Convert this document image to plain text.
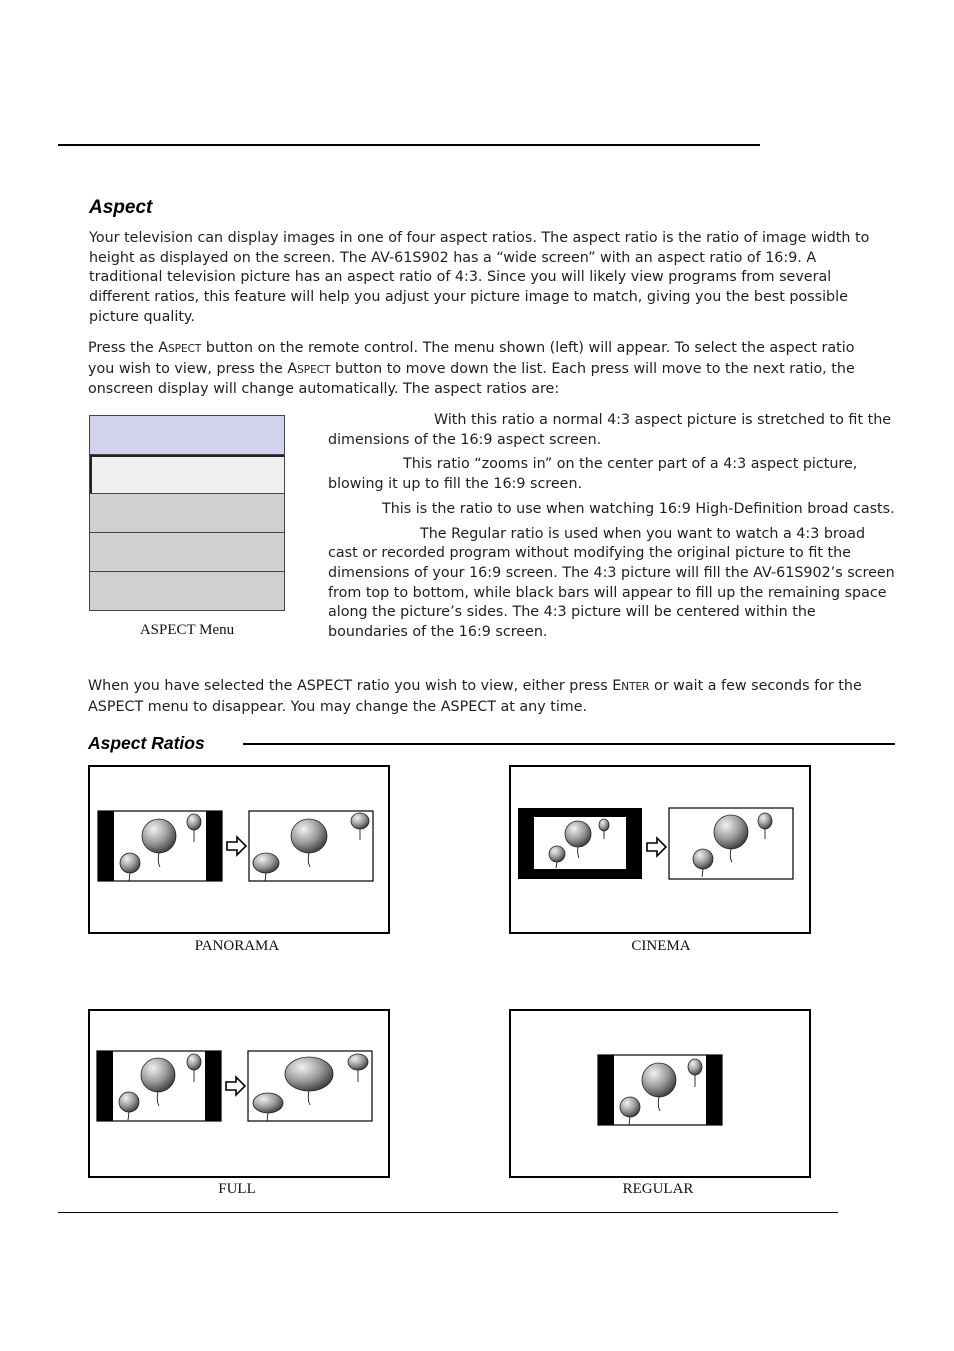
Aspect

Your television can display images in one of four aspect ratios. The aspect ratio is the ratio of image width to height as displayed on the screen. The AV-61S902 has a “wide screen” with an aspect ratio of 16:9. A traditional television picture has an aspect ratio of 4:3. Since you will likely view programs from several different ratios, this feature will help you adjust your picture image to match, giving you the best possible picture quality.

Press the ASPECT button on the remote control. The menu shown (left) will appear. To select the aspect ratio you wish to view, press the ASPECT button to move down the list. Each press will move to the next ratio, the onscreen display will change automatically. The aspect ratios are:

ASPECT Menu

With this ratio a normal 4:3 aspect picture is stretched to fit the dimensions of the 16:9 aspect screen.

This ratio “zooms in” on the center part of a 4:3 aspect picture, blowing it up to fill the 16:9 screen.

This is the ratio to use when watching 16:9 High-Definition broad casts.

The Regular ratio is used when you want to watch a 4:3 broad cast or recorded program without modifying the original picture to fit the dimensions of your 16:9 screen. The 4:3 picture will fill the AV-61S902’s screen from top to bottom, while black bars will appear to fill up the remaining space along the picture’s sides. The 4:3 picture will be centered within the boundaries of the 16:9 screen.

When you have selected the ASPECT ratio you wish to view, either press ENTER or wait a few seconds for the ASPECT menu to disappear. You may change the ASPECT at any time.

Aspect Ratios
PANORAMA	CINEMA
FULL	REGULAR
